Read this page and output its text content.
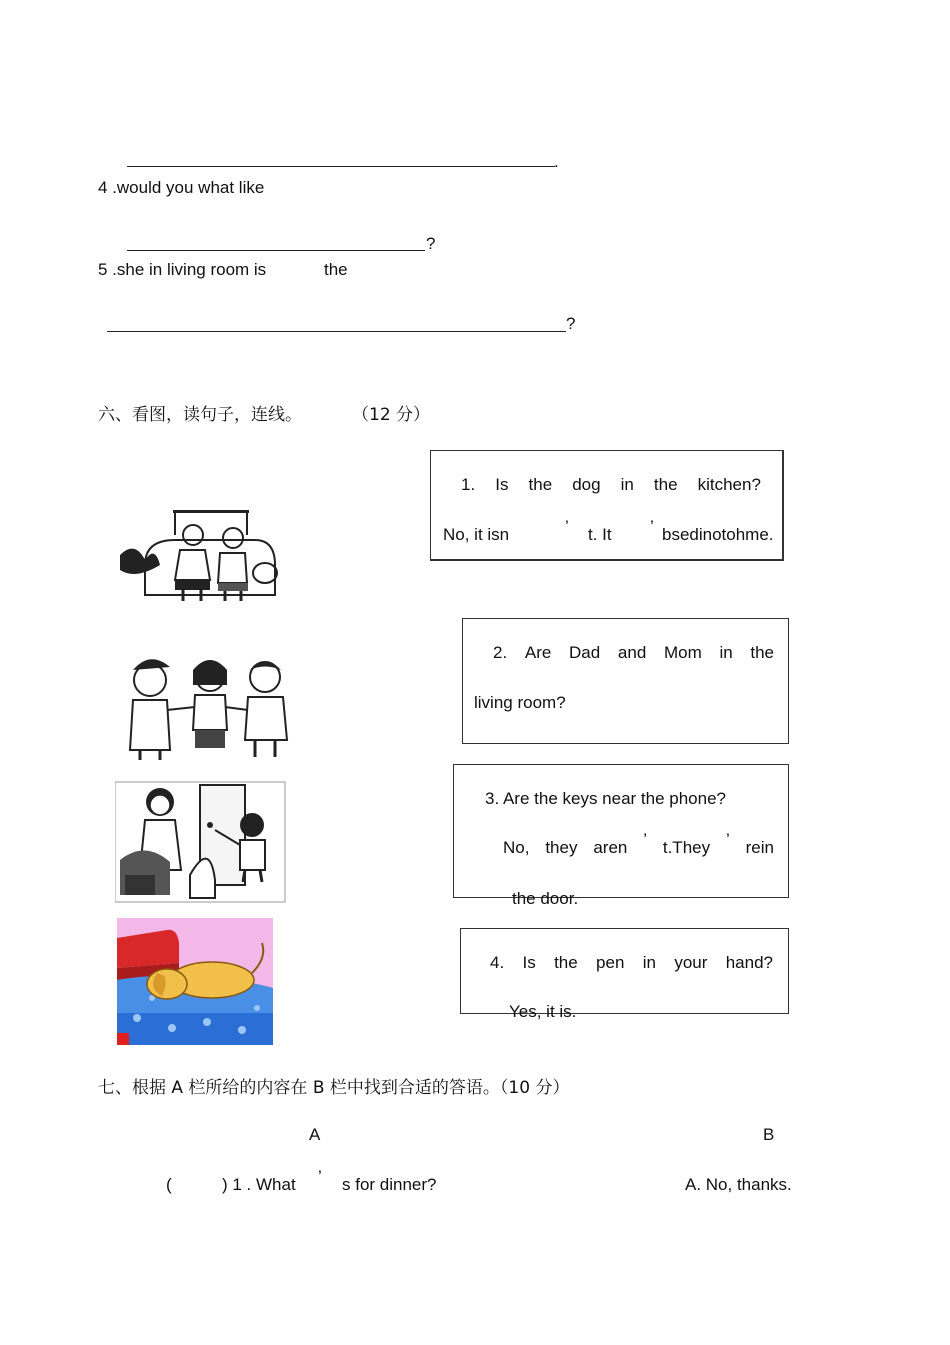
.
4 .would you what like
?
5 .she in living room is	the
?
六、看图，读句子，连线。	（12 分）
1. Is the dog in the kitchen?
No, it isn	’ t. It ’ bsedinotohme.
2. Are Dad and Mom in the
living room?
3. Are the keys near the phone?
No, they aren ’ t.They ’ rein
the door.
4. Is the pen in your hand?
Yes, it is.
七、根据 A 栏所给的内容在 B 栏中找到合适的答语。（10 分）
A	B
(	) 1 . What ’ s for dinner?	A. No, thanks.
